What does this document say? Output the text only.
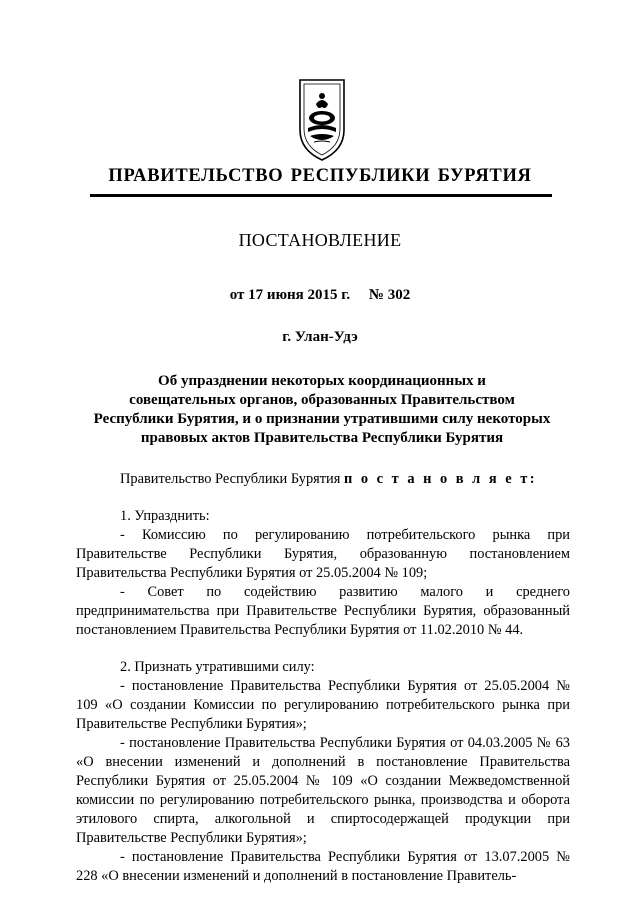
ПРАВИТЕЛЬСТВО РЕСПУБЛИКИ БУРЯТИЯ
ПОСТАНОВЛЕНИЕ
от 17 июня 2015 г.     № 302
г. Улан-Удэ
Об упразднении некоторых координационных и
совещательных органов, образованных Правительством
Республики Бурятия, и о признании утратившими силу некоторых
правовых актов Правительства Республики Бурятия

Правительство Республики Бурятия п о с т а н о в л я е т:

1. Упразднить:

- Комиссию по регулированию потребительского рынка при Правительстве Республики Бурятия, образованную постановлением Правительства Республики Бурятия от 25.05.2004 № 109;

- Совет по содействию развитию малого и среднего предпринимательства при Правительстве Республики Бурятия, образованный постановлением Правительства Республики Бурятия от 11.02.2010 № 44.

2. Признать утратившими силу:

- постановление Правительства Республики Бурятия от 25.05.2004 № 109 «О создании Комиссии по регулированию потребительского рынка при Правительстве Республики Бурятия»;

- постановление Правительства Республики Бурятия от 04.03.2005 № 63 «О внесении изменений и дополнений в постановление Правительства Республики Бурятия от 25.05.2004 № 109 «О создании Межведомственной комиссии по регулированию потребительского рынка, производства и оборота этилового спирта, алкогольной и спиртосодержащей продукции при Правительстве Республики Бурятия»;

- постановление Правительства Республики Бурятия от 13.07.2005 № 228 «О внесении изменений и дополнений в постановление Правитель-
